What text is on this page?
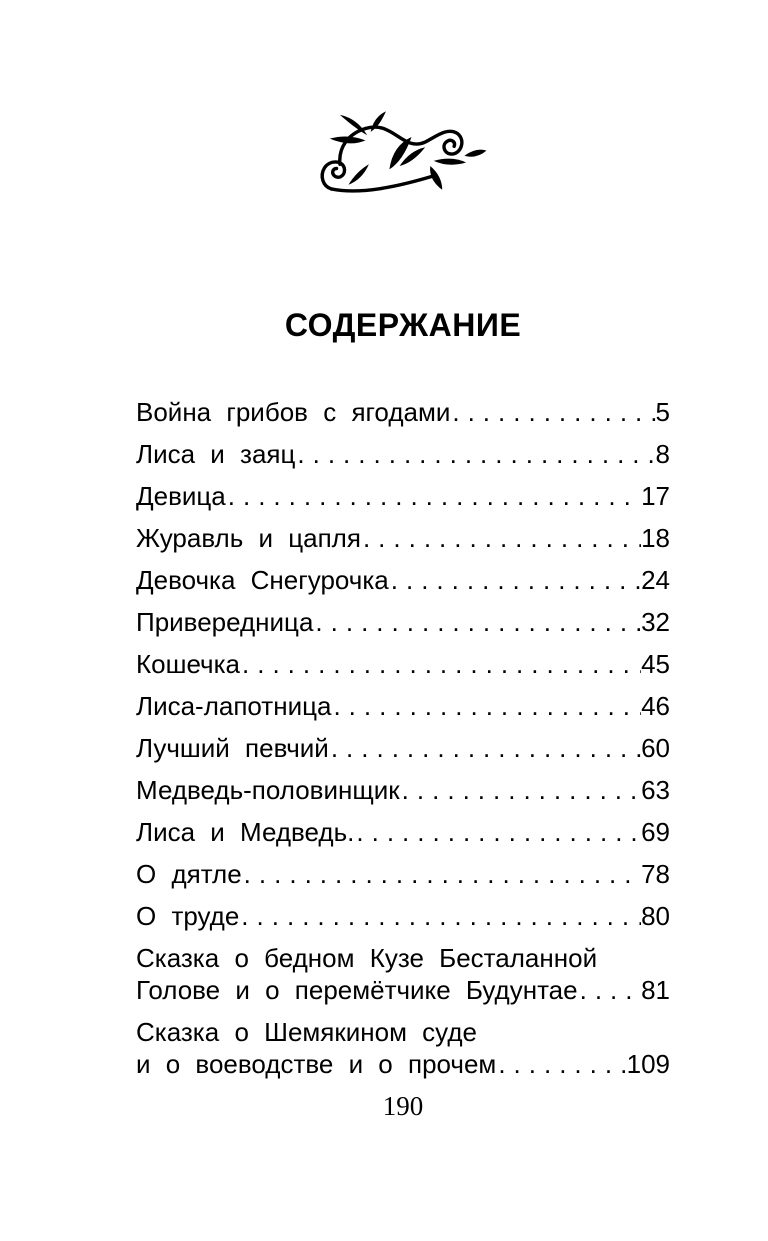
СОДЕРЖАНИЕ
Война грибов с ягодами .....	5
Лиса и заяц .....	8
Девица .....	17
Журавль и цапля .....	18
Девочка Снегурочка .....	24
Привередница .....	32
Кошечка .....	45
Лиса-лапотница .....	46
Лучший певчий .....	60
Медведь-половинщик .....	63
Лиса и Медведь. .....	69
О дятле .....	78
О труде .....	80
Сказка о бедном Кузе Бесталанной
Голове и о перемётчике Будунтае ..... 81
Сказка о Шемякином суде
и о воеводстве и о прочем .....	109
190
